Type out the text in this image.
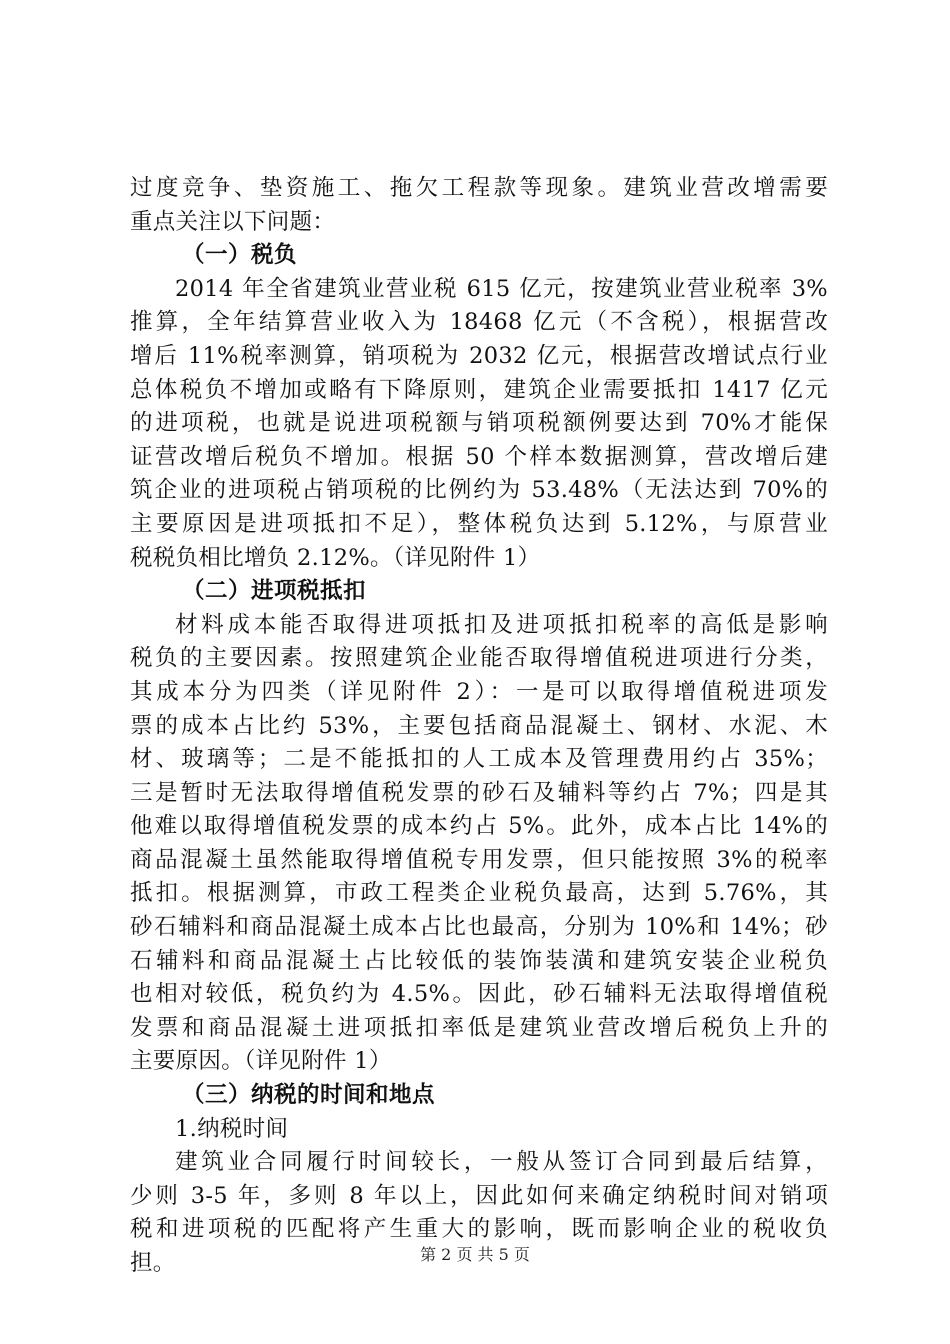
过度竞争、垫资施工、拖欠工程款等现象。建筑业营改增需要
重点关注以下问题：
（一）税负
2014 年全省建筑业营业税 615 亿元，按建筑业营业税率 3%
推算，全年结算营业收入为 18468 亿元（不含税），根据营改
增后 11%税率测算，销项税为 2032 亿元，根据营改增试点行业
总体税负不增加或略有下降原则，建筑企业需要抵扣 1417 亿元
的进项税，也就是说进项税额与销项税额例要达到 70%才能保
证营改增后税负不增加。根据 50 个样本数据测算，营改增后建
筑企业的进项税占销项税的比例约为 53.48%（无法达到 70%的
主要原因是进项抵扣不足），整体税负达到 5.12%，与原营业
税税负相比增负 2.12%。（详见附件 1）
（二）进项税抵扣
材料成本能否取得进项抵扣及进项抵扣税率的高低是影响
税负的主要因素。按照建筑企业能否取得增值税进项进行分类，
其成本分为四类（详见附件 2）：一是可以取得增值税进项发
票的成本占比约 53%，主要包括商品混凝土、钢材、水泥、木
材、玻璃等；二是不能抵扣的人工成本及管理费用约占 35%；
三是暂时无法取得增值税发票的砂石及辅料等约占 7%；四是其
他难以取得增值税发票的成本约占 5%。此外，成本占比 14%的
商品混凝土虽然能取得增值税专用发票，但只能按照 3%的税率
抵扣。根据测算，市政工程类企业税负最高，达到 5.76%，其
砂石辅料和商品混凝土成本占比也最高，分别为 10%和 14%；砂
石辅料和商品混凝土占比较低的装饰装潢和建筑安装企业税负
也相对较低，税负约为 4.5%。因此，砂石辅料无法取得增值税
发票和商品混凝土进项抵扣率低是建筑业营改增后税负上升的
主要原因。（详见附件 1）
（三）纳税的时间和地点
1.纳税时间
建筑业合同履行时间较长，一般从签订合同到最后结算，
少则 3-5 年，多则 8 年以上，因此如何来确定纳税时间对销项
税和进项税的匹配将产生重大的影响，既而影响企业的税收负
担。	第 2 页 共 5 页
